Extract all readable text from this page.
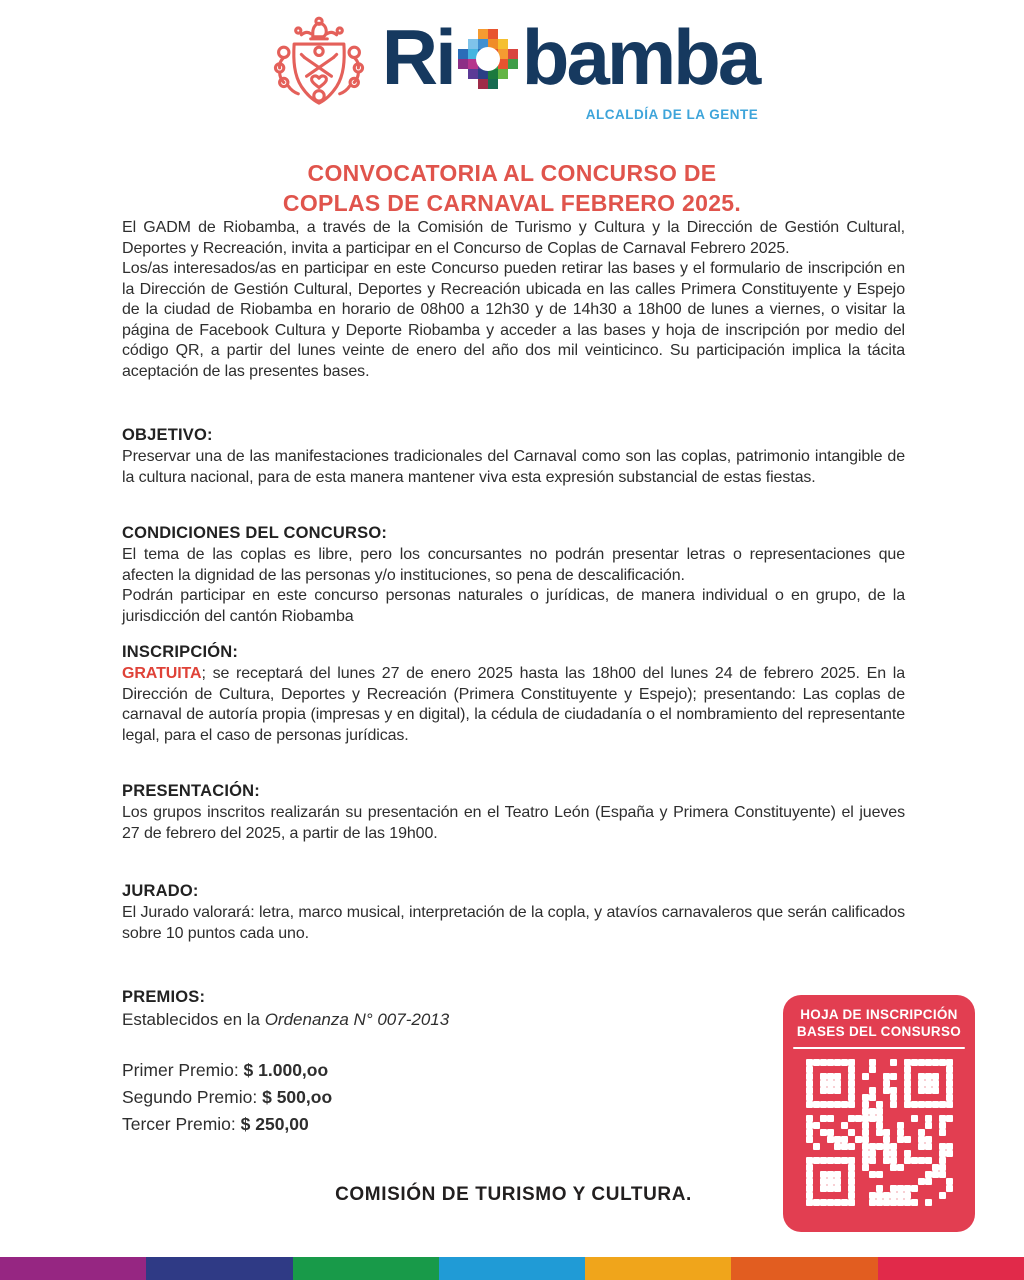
Ri bamba
ALCALDÍA DE LA GENTE
CONVOCATORIA AL CONCURSO DE
COPLAS DE CARNAVAL FEBRERO 2025.

El GADM de Riobamba, a través de la Comisión de Turismo y Cultura y la Dirección de Gestión Cultural, Deportes y Recreación, invita a participar en el Concurso de Coplas de Carnaval Febrero 2025.

Los/as interesados/as en participar en este Concurso pueden retirar las bases y el formulario de inscripción en la Dirección de Gestión Cultural, Deportes y Recreación ubicada en las calles Primera Constituyente y Espejo de la ciudad de Riobamba en horario de 08h00 a 12h30 y de 14h30 a 18h00 de lunes a viernes, o visitar la página de Facebook Cultura y Deporte Riobamba y acceder a las bases y hoja de inscripción por medio del código QR, a partir del lunes veinte de enero del año dos mil veinticinco. Su participación implica la tácita aceptación de las presentes bases.

OBJETIVO:

Preservar una de las manifestaciones tradicionales del Carnaval como son las coplas, patrimonio intangible de la cultura nacional, para de esta manera mantener viva esta expresión substancial de estas fiestas.

CONDICIONES DEL CONCURSO:

El tema de las coplas es libre, pero los concursantes no podrán presentar letras o representaciones que afecten la dignidad de las personas y/o instituciones, so pena de descalificación.

Podrán participar en este concurso personas naturales o jurídicas, de manera individual o en grupo, de la jurisdicción del cantón Riobamba

INSCRIPCIÓN:

GRATUITA; se receptará del lunes 27 de enero 2025 hasta las 18h00 del lunes 24 de febrero 2025. En la Dirección de Cultura, Deportes y Recreación (Primera Constituyente y Espejo); presentando: Las coplas de carnaval de autoría propia (impresas y en digital), la cédula de ciudadanía o el nombramiento del representante legal, para el caso de personas jurídicas.

PRESENTACIÓN:

Los grupos inscritos realizarán su presentación en el Teatro León (España y Primera Constituyente) el jueves 27 de febrero del 2025, a partir de las 19h00.

JURADO:

El Jurado valorará: letra, marco musical, interpretación de la copla, y atavíos carnavaleros que serán calificados sobre 10 puntos cada uno.

PREMIOS:

Establecidos en la Ordenanza N° 007-2013

Primer Premio: $ 1.000,oo
Segundo Premio: $ 500,oo
Tercer Premio: $ 250,00
COMISIÓN DE TURISMO Y CULTURA.
HOJA DE INSCRIPCIÓN
BASES DEL CONSURSO
